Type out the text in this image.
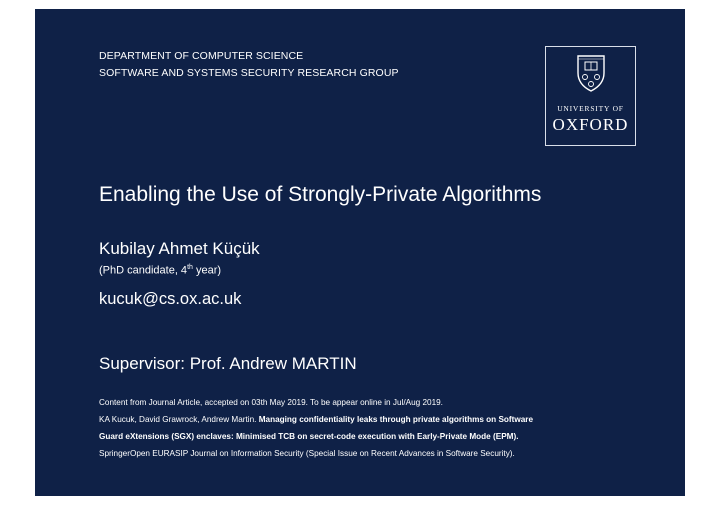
DEPARTMENT OF COMPUTER SCIENCE
SOFTWARE AND SYSTEMS SECURITY RESEARCH GROUP
UNIVERSITY OF
OXFORD
Enabling the Use of Strongly-Private Algorithms
Kubilay Ahmet Küçük
(PhD candidate, 4th year)
kucuk@cs.ox.ac.uk
Supervisor: Prof. Andrew MARTIN
Content from Journal Article, accepted on 03th May 2019. To be appear online in Jul/Aug 2019.
KA Kucuk, David Grawrock, Andrew Martin. Managing confidentiality leaks through private algorithms on Software
Guard eXtensions (SGX) enclaves: Minimised TCB on secret-code execution with Early-Private Mode (EPM).
SpringerOpen EURASIP Journal on Information Security (Special Issue on Recent Advances in Software Security).
